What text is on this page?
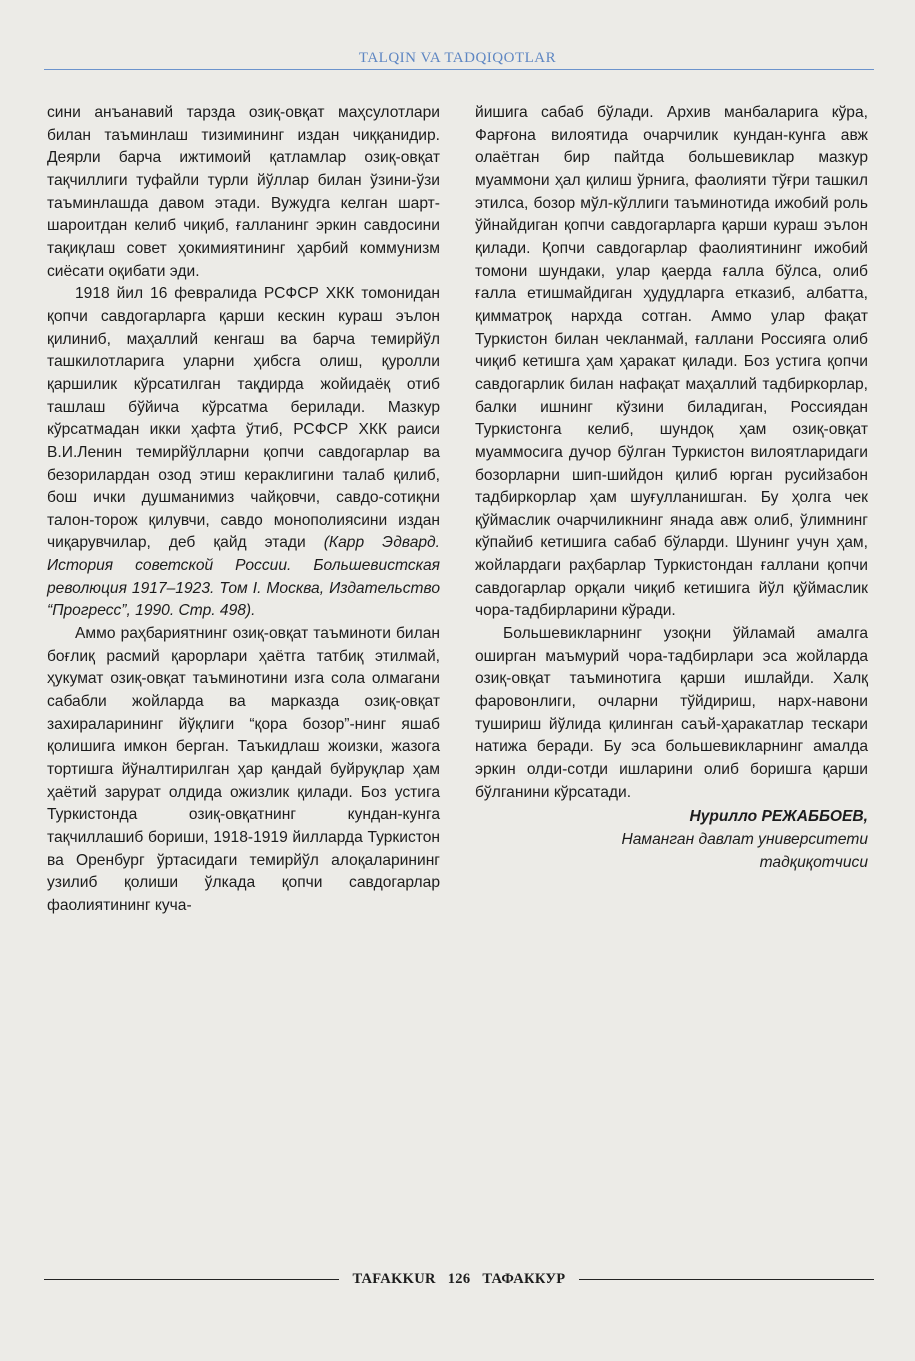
TALQIN VA TADQIQOTLAR

сини анъанавий тарзда озиқ-овқат маҳсулотлари билан таъминлаш тизимининг издан чиққанидир. Деярли барча ижтимоий қатламлар озиқ-овқат тақчиллиги туфайли турли йўллар билан ўзини-ўзи таъминлашда давом этади. Вужудга келган шарт-шароитдан келиб чиқиб, ғалланинг эркин савдосини тақиқлаш совет ҳокимиятининг ҳарбий коммунизм сиёсати оқибати эди.

1918 йил 16 февралида РСФСР ХКК томонидан қопчи савдогарларга қарши кескин кураш эълон қилиниб, маҳаллий кенгаш ва барча темирйўл ташкилотларига уларни ҳибсга олиш, қуролли қаршилик кўрсатилган тақдирда жойидаёқ отиб ташлаш бўйича кўрсатма берилади. Мазкур кўрсатмадан икки ҳафта ўтиб, РСФСР ХКК раиси В.И.Ленин темирйўлларни қопчи савдогарлар ва безорилардан озод этиш кераклигини талаб қилиб, бош ички душманимиз чайқовчи, савдо-сотиқни талон-торож қилувчи, савдо монополиясини издан чиқарувчилар, деб қайд этади (Карр Эдвард. История советской России. Большевистская революция 1917–1923. Том I. Москва, Издательство “Прогресс”, 1990. Стр. 498).

Аммо раҳбариятнинг озиқ-овқат таъминоти билан боғлиқ расмий қарорлари ҳаётга татбиқ этилмай, ҳукумат озиқ-овқат таъминотини изга сола олмагани сабабли жойларда ва марказда озиқ-овқат захираларининг йўқлиги “қора бозор”-нинг яшаб қолишига имкон берган. Таъкидлаш жоизки, жазога тортишга йўналтирилган ҳар қандай буйруқлар ҳам ҳаётий зарурат олдида ожизлик қилади. Боз устига Туркистонда озиқ-овқатнинг кундан-кунга тақчиллашиб бориши, 1918-1919 йилларда Туркистон ва Оренбург ўртасидаги темирйўл алоқаларининг узилиб қолиши ўлкада қопчи савдогарлар фаолиятининг куча-

йишига сабаб бўлади. Архив манбаларига кўра, Фарғона вилоятида очарчилик кундан-кунга авж олаётган бир пайтда большевиклар мазкур муаммони ҳал қилиш ўрнига, фаолияти тўғри ташкил этилса, бозор мўл-кўллиги таъминотида ижобий роль ўйнайдиган қопчи савдогарларга қарши кураш эълон қилади. Қопчи савдогарлар фаолиятининг ижобий томони шундаки, улар қаерда ғалла бўлса, олиб ғалла етишмайдиган ҳудудларга етказиб, албатта, қимматроқ нархда сотган. Аммо улар фақат Туркистон билан чекланмай, ғаллани Россияга олиб чиқиб кетишга ҳам ҳаракат қилади. Боз устига қопчи савдогарлик билан нафақат маҳаллий тадбиркорлар, балки ишнинг кўзини биладиган, Россиядан Туркистонга келиб, шундоқ ҳам озиқ-овқат муаммосига дучор бўлган Туркистон вилоятларидаги бозорларни шип-шийдон қилиб юрган русийзабон тадбиркорлар ҳам шуғулланишган. Бу ҳолга чек қўймаслик очарчиликнинг янада авж олиб, ўлимнинг кўпайиб кетишига сабаб бўларди. Шунинг учун ҳам, жойлардаги раҳбарлар Туркистондан ғаллани қопчи савдогарлар орқали чиқиб кетишига йўл қўймаслик чора-тадбирларини кўради.

Большевикларнинг узоқни ўйламай амалга оширган маъмурий чора-тадбирлари эса жойларда озиқ-овқат таъминотига қарши ишлайди. Халқ фаровонлиги, очларни тўйдириш, нарх-навони тушириш йўлида қилинган саъй-ҳаракатлар тескари натижа беради. Бу эса большевикларнинг амалда эркин олди-сотди ишларини олиб боришга қарши бўлганини кўрсатади.

Нурилло РЕЖАББОЕВ,
Наманган давлат университети
тадқиқотчиси
TAFAKKUR 126 ТАФАККУР
